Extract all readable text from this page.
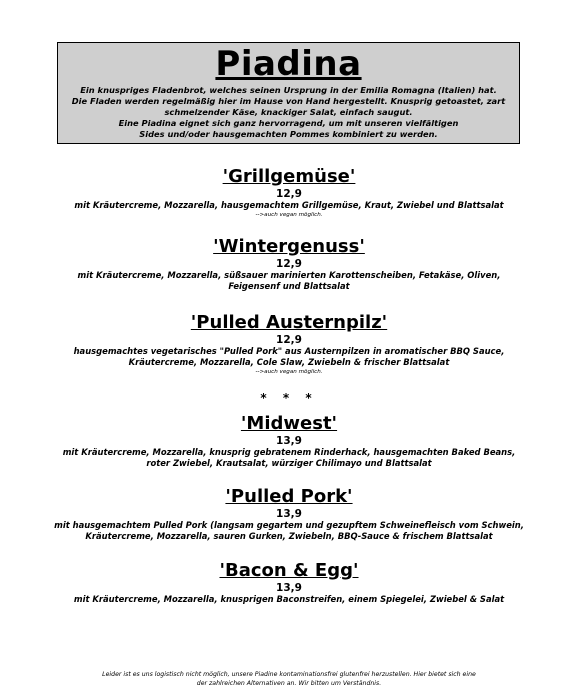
Piadina
Ein knuspriges Fladenbrot, welches seinen Ursprung in der Emilia Romagna (Italien) hat.
Die Fladen werden regelmäßig hier im Hause von Hand hergestellt. Knusprig getoastet, zart
schmelzender Käse, knackiger Salat, einfach saugut.
Eine Piadina eignet sich ganz hervorragend, um mit unseren vielfältigen
Sides und/oder hausgemachten Pommes kombiniert zu werden.
'Grillgemüse'
12,9
mit Kräutercreme, Mozzarella, hausgemachtem Grillgemüse, Kraut, Zwiebel und Blattsalat
-->auch vegan möglich.
'Wintergenuss'
12,9
mit Kräutercreme, Mozzarella, süßsauer marinierten Karottenscheiben, Fetakäse, Oliven,
Feigensenf und Blattsalat
'Pulled Austernpilz'
12,9
hausgemachtes vegetarisches "Pulled Pork" aus Austernpilzen in aromatischer BBQ Sauce,
Kräutercreme, Mozzarella, Cole Slaw, Zwiebeln & frischer Blattsalat
-->auch vegan möglich.
* * *
'Midwest'
13,9
mit Kräutercreme, Mozzarella, knusprig gebratenem Rinderhack, hausgemachten Baked Beans,
roter Zwiebel, Krautsalat, würziger Chilimayo und Blattsalat
'Pulled Pork'
13,9
mit hausgemachtem Pulled Pork (langsam gegartem und gezupftem Schweinefleisch vom Schwein,
Kräutercreme, Mozzarella, sauren Gurken, Zwiebeln, BBQ-Sauce & frischem Blattsalat
'Bacon & Egg'
13,9
mit Kräutercreme, Mozzarella, knusprigen Baconstreifen, einem Spiegelei, Zwiebel & Salat
Leider ist es uns logistisch nicht möglich, unsere Piadine kontaminationsfrei glutenfrei herzustellen. Hier bietet sich eine
der zahlreichen Alternativen an. Wir bitten um Verständnis.
